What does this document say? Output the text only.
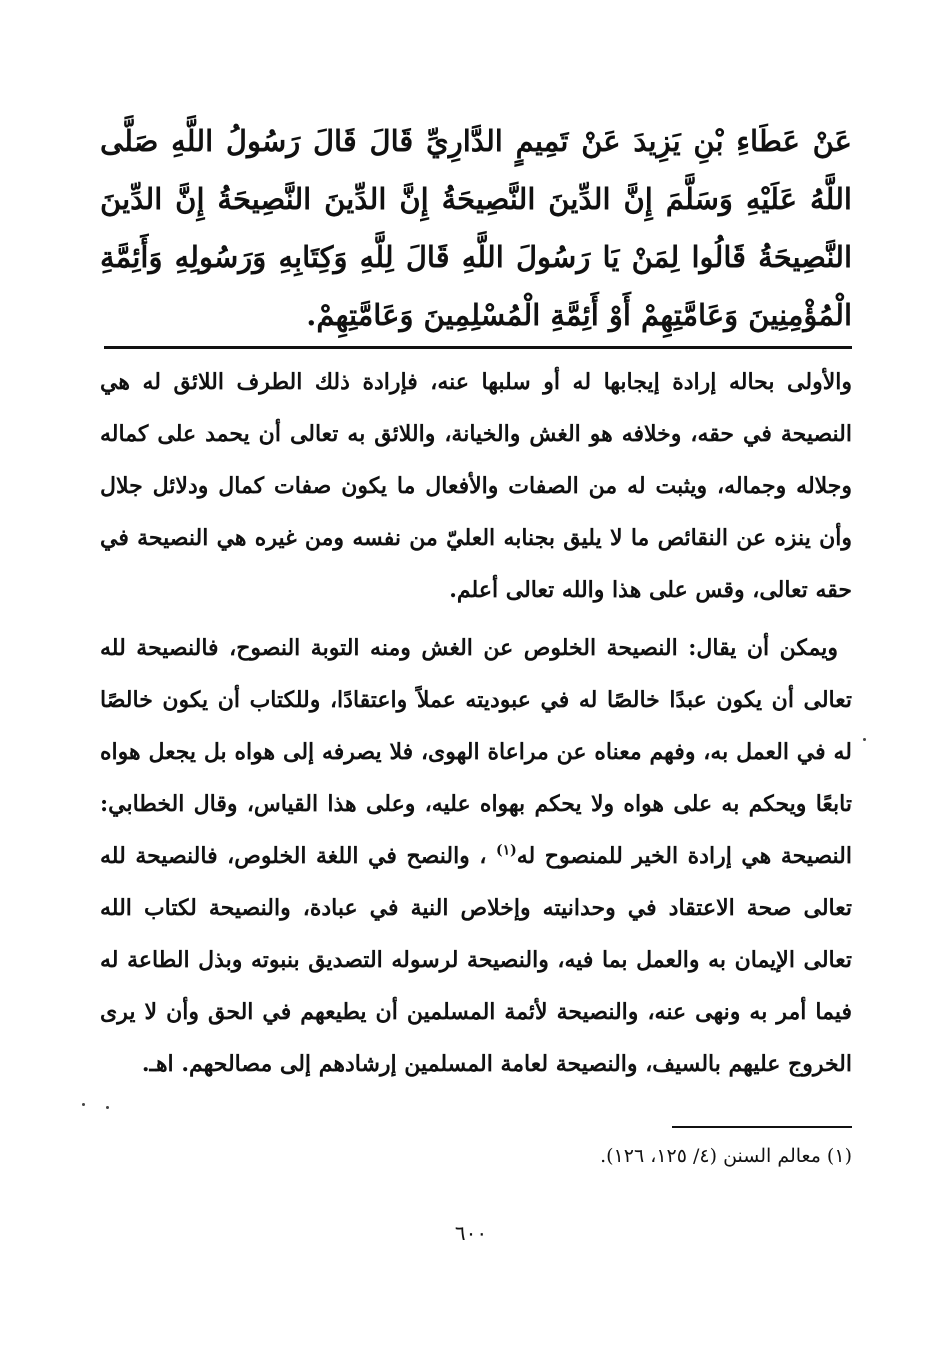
عَنْ عَطَاءِ بْنِ يَزِيدَ عَنْ تَمِيمٍ الدَّارِيِّ قَالَ قَالَ رَسُولُ اللَّهِ صَلَّى اللَّهُ عَلَيْهِ وَسَلَّمَ إِنَّ الدِّينَ النَّصِيحَةُ إِنَّ الدِّينَ النَّصِيحَةُ إِنَّ الدِّينَ النَّصِيحَةُ قَالُوا لِمَنْ يَا رَسُولَ اللَّهِ قَالَ لِلَّهِ وَكِتَابِهِ وَرَسُولِهِ وَأَئِمَّةِ الْمُؤْمِنِينَ وَعَامَّتِهِمْ أَوْ أَئِمَّةِ الْمُسْلِمِينَ وَعَامَّتِهِمْ.

والأولى بحاله إرادة إيجابها له أو سلبها عنه، فإرادة ذلك الطرف اللائق له هي النصيحة في حقه، وخلافه هو الغش والخيانة، واللائق به تعالى أن يحمد على كماله وجلاله وجماله، ويثبت له من الصفات والأفعال ما يكون صفات كمال ودلائل جلال وأن ينزه عن النقائص ما لا يليق بجنابه العليّ من نفسه ومن غيره هي النصيحة في حقه تعالى، وقس على هذا والله تعالى أعلم.

ويمكن أن يقال: النصيحة الخلوص عن الغش ومنه التوبة النصوح، فالنصيحة لله تعالى أن يكون عبدًا خالصًا له في عبوديته عملاً واعتقادًا، وللكتاب أن يكون خالصًا له في العمل به، وفهم معناه عن مراعاة الهوى، فلا يصرفه إلى هواه بل يجعل هواه تابعًا ويحكم به على هواه ولا يحكم بهواه عليه، وعلى هذا القياس، وقال الخطابي: النصيحة هي إرادة الخير للمنصوح له$^{(١)}$ ، والنصح في اللغة الخلوص، فالنصيحة لله تعالى صحة الاعتقاد في وحدانيته وإخلاص النية في عبادة، والنصيحة لكتاب الله تعالى الإيمان به والعمل بما فيه، والنصيحة لرسوله التصديق بنبوته وبذل الطاعة له فيما أمر به ونهى عنه، والنصيحة لأئمة المسلمين أن يطيعهم في الحق وأن لا يرى الخروج عليهم بالسيف، والنصيحة لعامة المسلمين إرشادهم إلى مصالحهم. اهـ.

(١) معالم السنن (٤/ ١٢٥، ١٢٦).

٦٠٠
